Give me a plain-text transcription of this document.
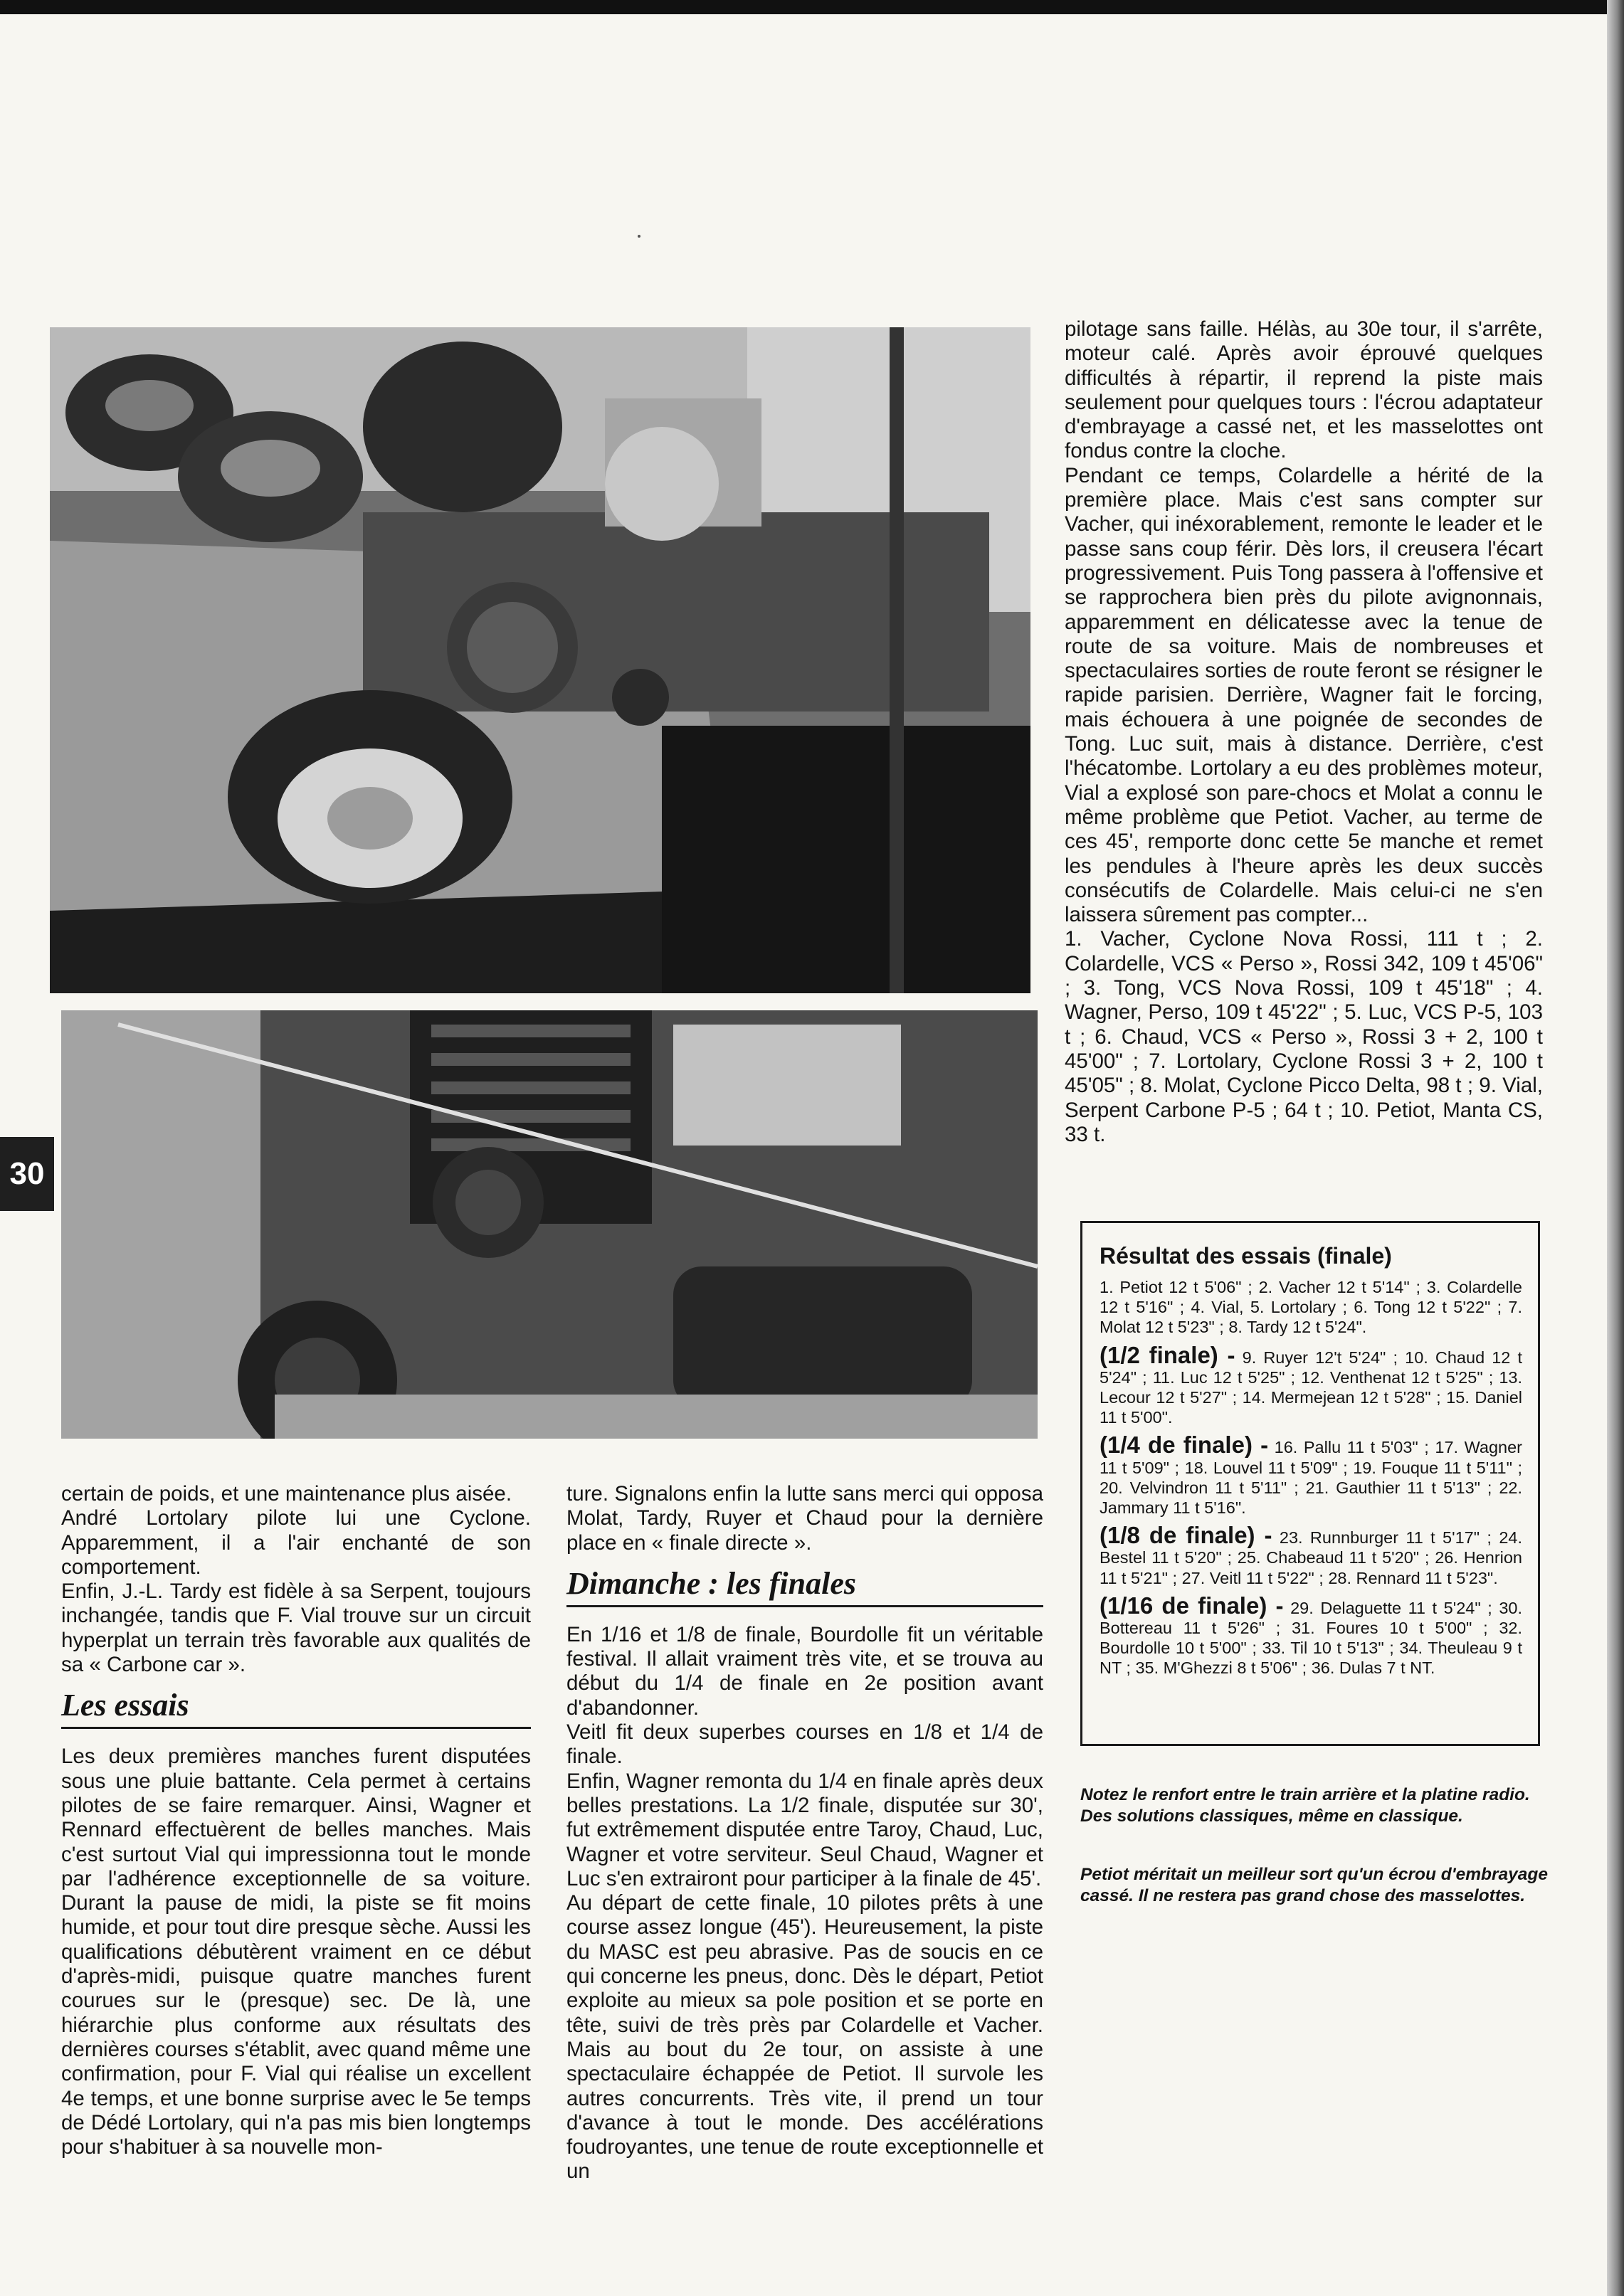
30

certain de poids, et une maintenance plus aisée.

André Lortolary pilote lui une Cyclone. Apparemment, il a l'air enchanté de son comportement.

Enfin, J.-L. Tardy est fidèle à sa Serpent, toujours inchangée, tandis que F. Vial trouve sur un circuit hyperplat un terrain très favorable aux qualités de sa « Carbone car ».

Les essais

Les deux premières manches furent disputées sous une pluie battante. Cela permet à certains pilotes de se faire remarquer. Ainsi, Wagner et Rennard effectuèrent de belles manches. Mais c'est surtout Vial qui impressionna tout le monde par l'adhérence exceptionnelle de sa voiture. Durant la pause de midi, la piste se fit moins humide, et pour tout dire presque sèche. Aussi les qualifications débutèrent vraiment en ce début d'après-midi, puisque quatre manches furent courues sur le (presque) sec. De là, une hiérarchie plus conforme aux résultats des dernières courses s'établit, avec quand même une confirmation, pour F. Vial qui réalise un excellent 4e temps, et une bonne surprise avec le 5e temps de Dédé Lortolary, qui n'a pas mis bien longtemps pour s'habituer à sa nouvelle mon-

ture. Signalons enfin la lutte sans merci qui opposa Molat, Tardy, Ruyer et Chaud pour la dernière place en « finale directe ».

Dimanche : les finales

En 1/16 et 1/8 de finale, Bourdolle fit un véritable festival. Il allait vraiment très vite, et se trouva au début du 1/4 de finale en 2e position avant d'abandonner.

Veitl fit deux superbes courses en 1/8 et 1/4 de finale.

Enfin, Wagner remonta du 1/4 en finale après deux belles prestations. La 1/2 finale, disputée sur 30', fut extrêmement disputée entre Taroy, Chaud, Luc, Wagner et votre serviteur. Seul Chaud, Wagner et Luc s'en extrairont pour participer à la finale de 45'.

Au départ de cette finale, 10 pilotes prêts à une course assez longue (45'). Heureusement, la piste du MASC est peu abrasive. Pas de soucis en ce qui concerne les pneus, donc. Dès le départ, Petiot exploite au mieux sa pole position et se porte en tête, suivi de très près par Colardelle et Vacher. Mais au bout du 2e tour, on assiste à une spectaculaire échappée de Petiot. Il survole les autres concurrents. Très vite, il prend un tour d'avance à tout le monde. Des accélérations foudroyantes, une tenue de route exceptionnelle et un

pilotage sans faille. Hélàs, au 30e tour, il s'arrête, moteur calé. Après avoir éprouvé quelques difficultés à répartir, il reprend la piste mais seulement pour quelques tours : l'écrou adaptateur d'embrayage a cassé net, et les masselottes ont fondus contre la cloche.

Pendant ce temps, Colardelle a hérité de la première place. Mais c'est sans compter sur Vacher, qui inéxorablement, remonte le leader et le passe sans coup férir. Dès lors, il creusera l'écart progressivement. Puis Tong passera à l'offensive et se rapprochera bien près du pilote avignonnais, apparemment en délicatesse avec la tenue de route de sa voiture. Mais de nombreuses et spectaculaires sorties de route feront se résigner le rapide parisien. Derrière, Wagner fait le forcing, mais échouera à une poignée de secondes de Tong. Luc suit, mais à distance. Derrière, c'est l'hécatombe. Lortolary a eu des problèmes moteur, Vial a explosé son pare-chocs et Molat a connu le même problème que Petiot. Vacher, au terme de ces 45', remporte donc cette 5e manche et remet les pendules à l'heure après les deux succès consécutifs de Colardelle. Mais celui-ci ne s'en laissera sûrement pas compter...

1. Vacher, Cyclone Nova Rossi, 111 t ; 2. Colardelle, VCS « Perso », Rossi 342, 109 t 45'06" ; 3. Tong, VCS Nova Rossi, 109 t 45'18" ; 4. Wagner, Perso, 109 t 45'22" ; 5. Luc, VCS P-5, 103 t ; 6. Chaud, VCS « Perso », Rossi 3 + 2, 100 t 45'00" ; 7. Lortolary, Cyclone Rossi 3 + 2, 100 t 45'05" ; 8. Molat, Cyclone Picco Delta, 98 t ; 9. Vial, Serpent Carbone P-5 ; 64 t ; 10. Petiot, Manta CS, 33 t.

Résultat des essais (finale)

1. Petiot 12 t 5'06" ; 2. Vacher 12 t 5'14" ; 3. Colardelle 12 t 5'16" ; 4. Vial, 5. Lortolary ; 6. Tong 12 t 5'22" ; 7. Molat 12 t 5'23" ; 8. Tardy 12 t 5'24".

(1/2 finale) - 9. Ruyer 12't 5'24" ; 10. Chaud 12 t 5'24" ; 11. Luc 12 t 5'25" ; 12. Venthenat 12 t 5'25" ; 13. Lecour 12 t 5'27" ; 14. Mermejean 12 t 5'28" ; 15. Daniel 11 t 5'00".

(1/4 de finale) - 16. Pallu 11 t 5'03" ; 17. Wagner 11 t 5'09" ; 18. Louvel 11 t 5'09" ; 19. Fouque 11 t 5'11" ; 20. Velvindron 11 t 5'11" ; 21. Gauthier 11 t 5'13" ; 22. Jammary 11 t 5'16".

(1/8 de finale) - 23. Runnburger 11 t 5'17" ; 24. Bestel 11 t 5'20" ; 25. Chabeaud 11 t 5'20" ; 26. Henrion 11 t 5'21" ; 27. Veitl 11 t 5'22" ; 28. Rennard 11 t 5'23".

(1/16 de finale) - 29. Delaguette 11 t 5'24" ; 30. Bottereau 11 t 5'26" ; 31. Foures 10 t 5'00" ; 32. Bourdolle 10 t 5'00" ; 33. Til 10 t 5'13" ; 34. Theuleau 9 t NT ; 35. M'Ghezzi 8 t 5'06" ; 36. Dulas 7 t NT.

Notez le renfort entre le train arrière et la platine radio. Des solutions classiques, même en classique.
Petiot méritait un meilleur sort qu'un écrou d'embrayage cassé. Il ne restera pas grand chose des masselottes.
